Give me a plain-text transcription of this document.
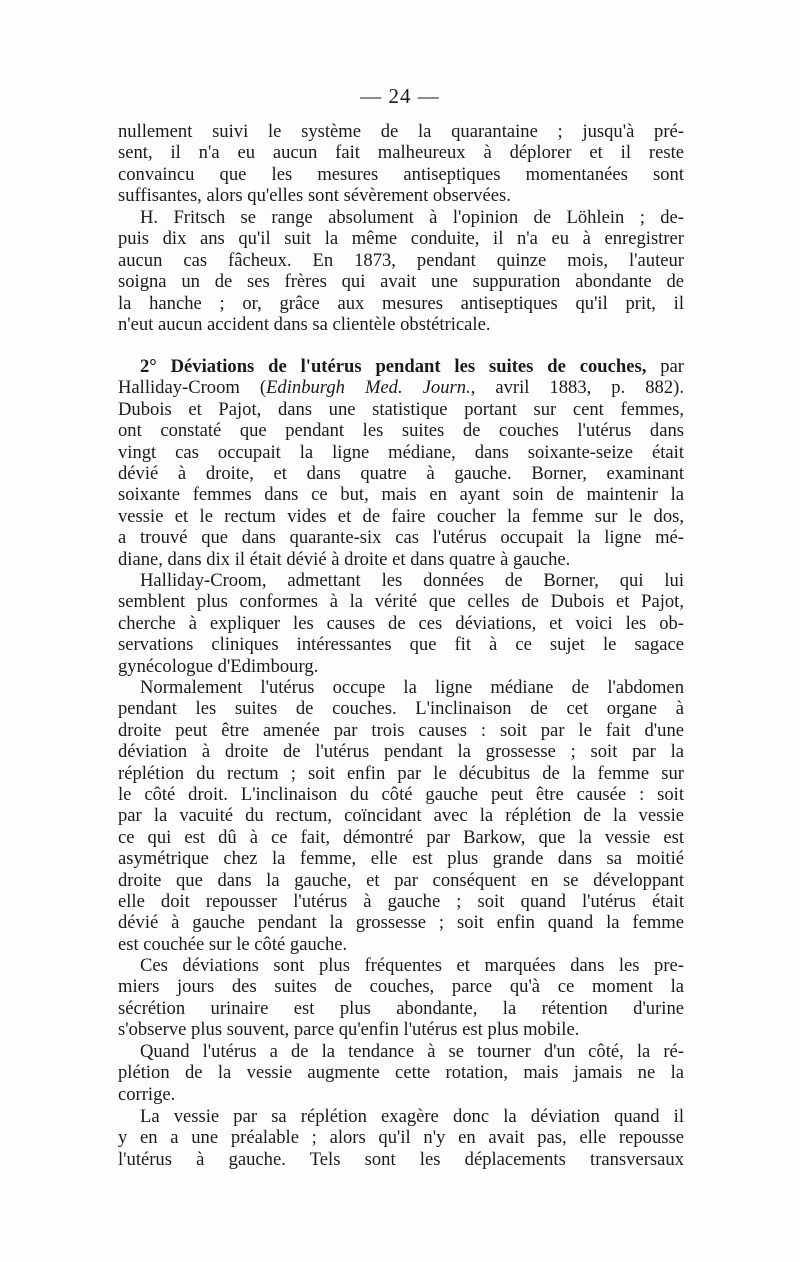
— 24 —
nullement suivi le système de la quarantaine ; jusqu'à pré-
sent, il n'a eu aucun fait malheureux à déplorer et il reste
convaincu que les mesures antiseptiques momentanées sont
suffisantes, alors qu'elles sont sévèrement observées.
H. Fritsch se range absolument à l'opinion de Löhlein ; de-
puis dix ans qu'il suit la même conduite, il n'a eu à enregistrer
aucun cas fâcheux. En 1873, pendant quinze mois, l'auteur
soigna un de ses frères qui avait une suppuration abondante de
la hanche ; or, grâce aux mesures antiseptiques qu'il prit, il
n'eut aucun accident dans sa clientèle obstétricale.
2° Déviations de l'utérus pendant les suites de couches, par
Halliday-Croom (Edinburgh Med. Journ., avril 1883, p. 882).
Dubois et Pajot, dans une statistique portant sur cent femmes,
ont constaté que pendant les suites de couches l'utérus dans
vingt cas occupait la ligne médiane, dans soixante-seize était
dévié à droite, et dans quatre à gauche. Borner, examinant
soixante femmes dans ce but, mais en ayant soin de maintenir la
vessie et le rectum vides et de faire coucher la femme sur le dos,
a trouvé que dans quarante-six cas l'utérus occupait la ligne mé-
diane, dans dix il était dévié à droite et dans quatre à gauche.
Halliday-Croom, admettant les données de Borner, qui lui
semblent plus conformes à la vérité que celles de Dubois et Pajot,
cherche à expliquer les causes de ces déviations, et voici les ob-
servations cliniques intéressantes que fit à ce sujet le sagace
gynécologue d'Edimbourg.
Normalement l'utérus occupe la ligne médiane de l'abdomen
pendant les suites de couches. L'inclinaison de cet organe à
droite peut être amenée par trois causes : soit par le fait d'une
déviation à droite de l'utérus pendant la grossesse ; soit par la
réplétion du rectum ; soit enfin par le décubitus de la femme sur
le côté droit. L'inclinaison du côté gauche peut être causée : soit
par la vacuité du rectum, coïncidant avec la réplétion de la vessie
ce qui est dû à ce fait, démontré par Barkow, que la vessie est
asymétrique chez la femme, elle est plus grande dans sa moitié
droite que dans la gauche, et par conséquent en se développant
elle doit repousser l'utérus à gauche ; soit quand l'utérus était
dévié à gauche pendant la grossesse ; soit enfin quand la femme
est couchée sur le côté gauche.
Ces déviations sont plus fréquentes et marquées dans les pre-
miers jours des suites de couches, parce qu'à ce moment la
sécrétion urinaire est plus abondante, la rétention d'urine
s'observe plus souvent, parce qu'enfin l'utérus est plus mobile.
Quand l'utérus a de la tendance à se tourner d'un côté, la ré-
plétion de la vessie augmente cette rotation, mais jamais ne la
corrige.
La vessie par sa réplétion exagère donc la déviation quand il
y en a une préalable ; alors qu'il n'y en avait pas, elle repousse
l'utérus à gauche. Tels sont les déplacements transversaux
